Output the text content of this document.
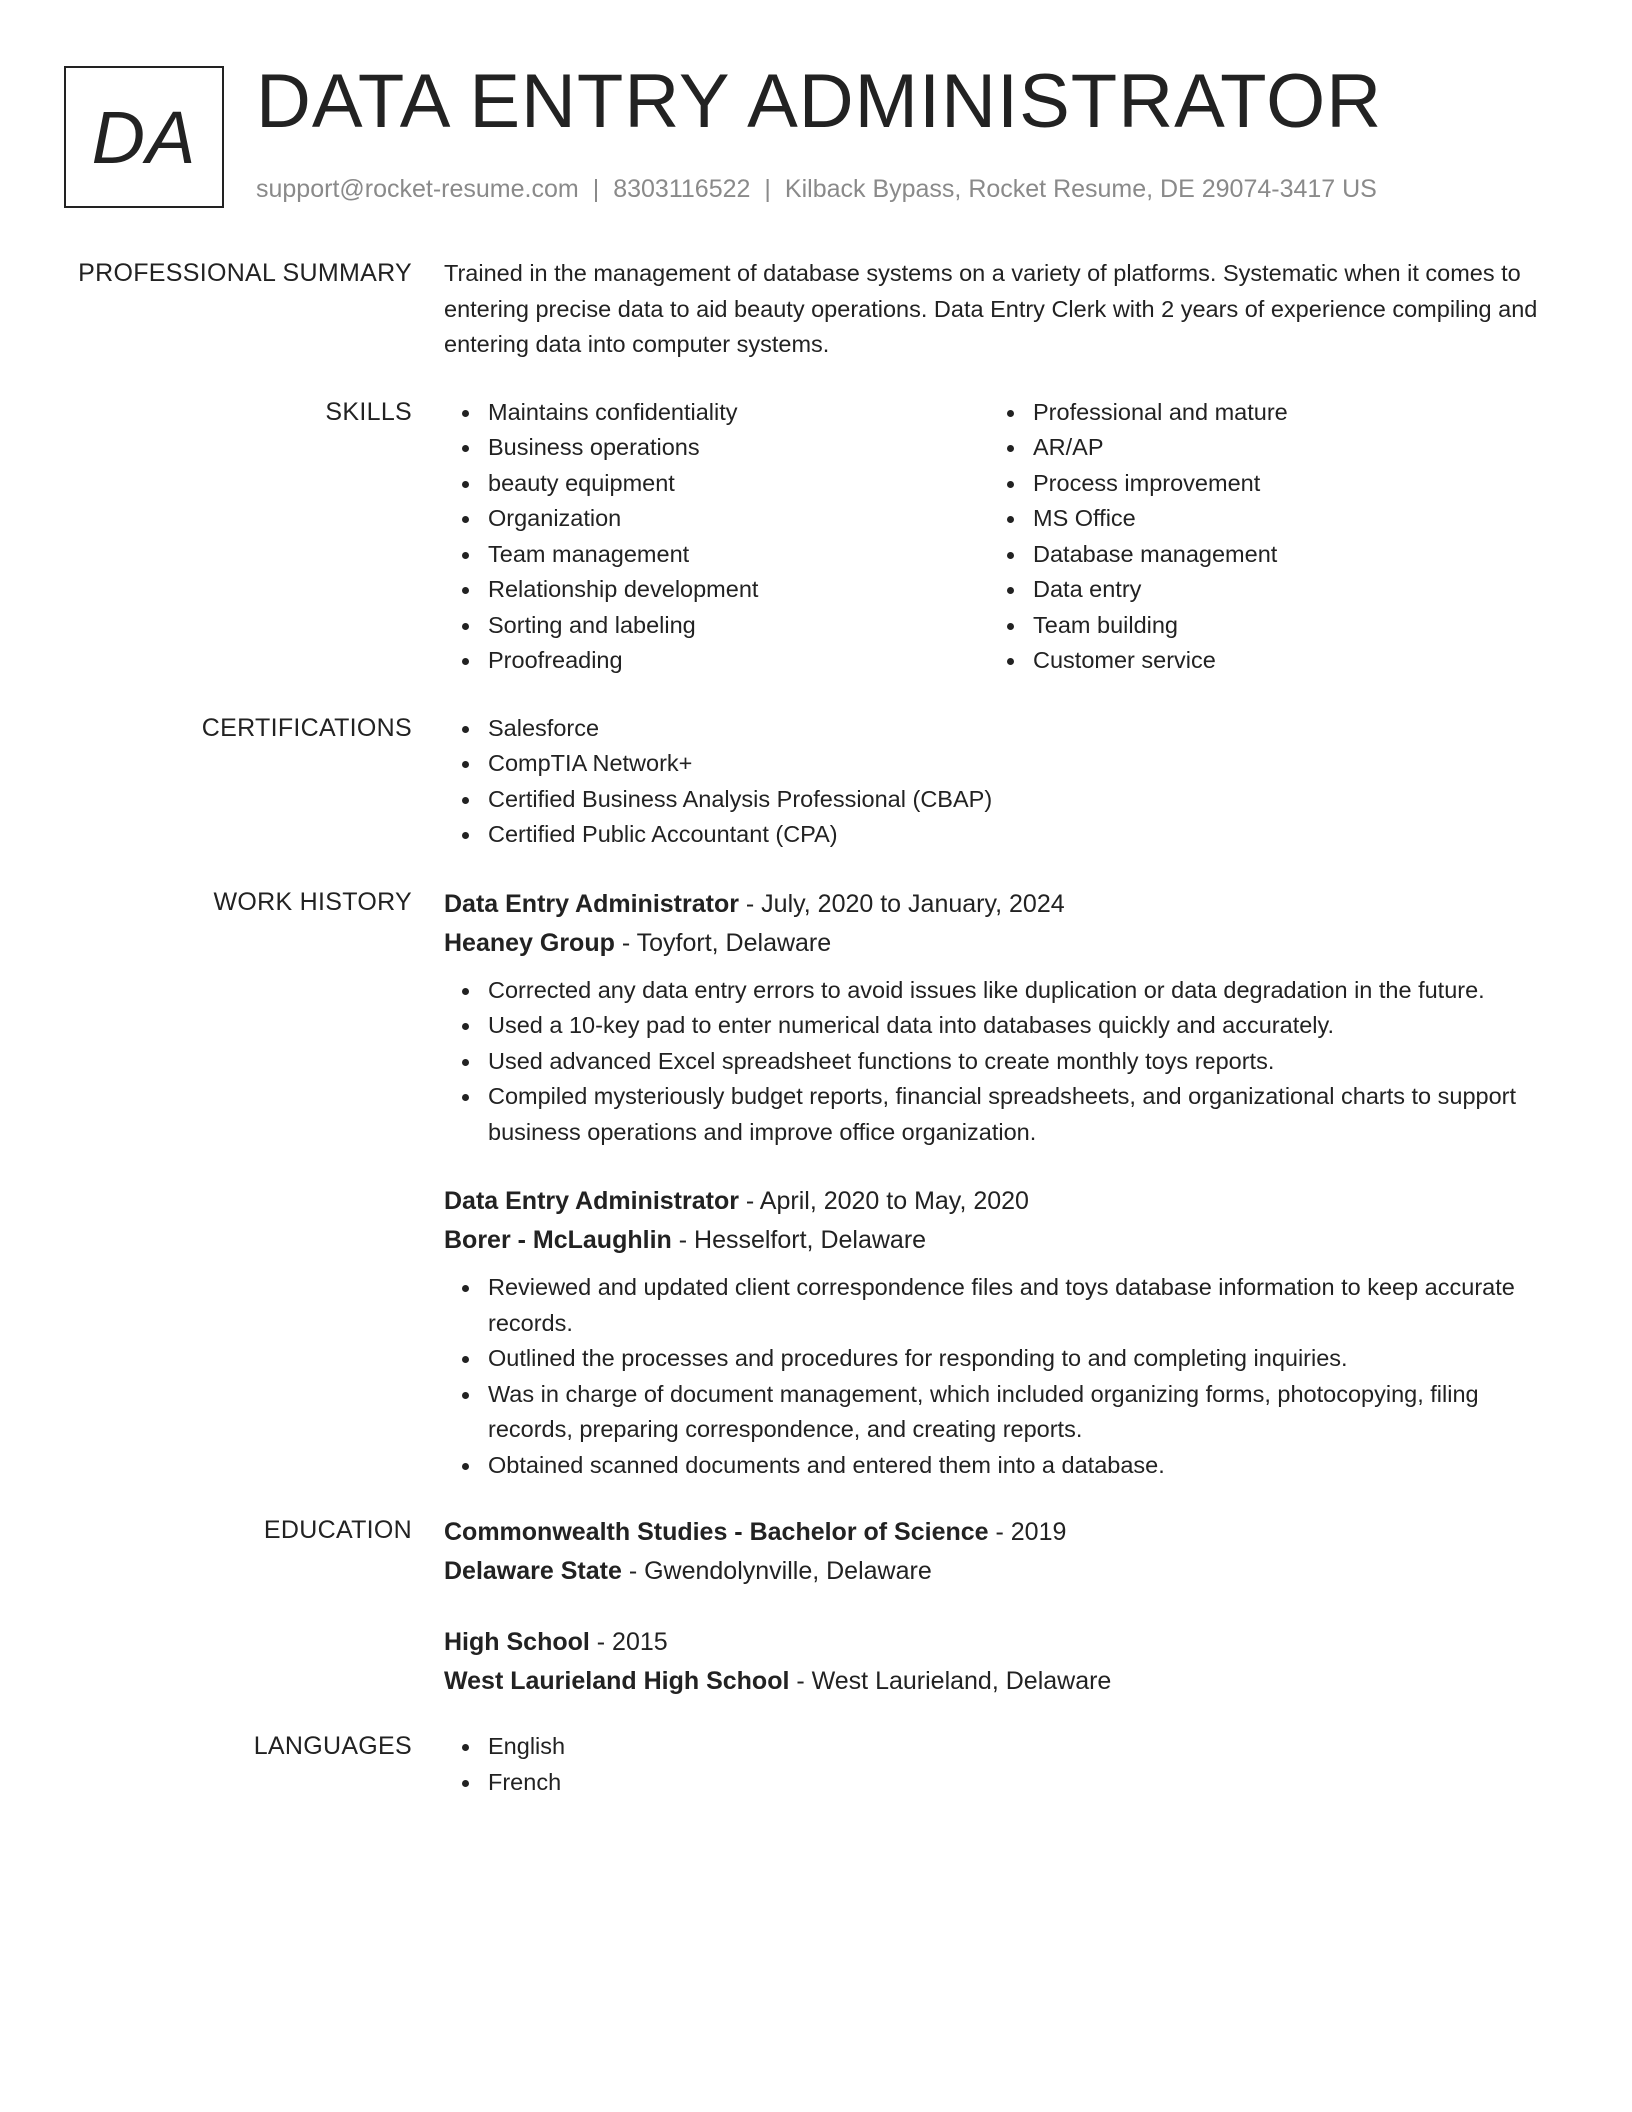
DA DATA ENTRY ADMINISTRATOR
support@rocket-resume.com | 8303116522 | Kilback Bypass, Rocket Resume, DE 29074-3417 US
PROFESSIONAL SUMMARY Trained in the management of database systems on a variety of platforms. Systematic when it comes to entering precise data to aid beauty operations. Data Entry Clerk with 2 years of experience compiling and entering data into computer systems.
SKILLS	Maintains confidentiality
Business operations
beauty equipment
Organization
Team management
Relationship development
Sorting and labeling
Proofreading
Professional and mature
AR/AP
Process improvement
MS Office
Database management
Data entry
Team building
Customer service
CERTIFICATIONS	Salesforce
CompTIA Network+
Certified Business Analysis Professional (CBAP)
Certified Public Accountant (CPA)
WORK HISTORY Data Entry Administrator - July, 2020 to January, 2024
Heaney Group - Toyfort, Delaware
Corrected any data entry errors to avoid issues like duplication or data degradation in the future.
Used a 10-key pad to enter numerical data into databases quickly and accurately.
Used advanced Excel spreadsheet functions to create monthly toys reports.
Compiled mysteriously budget reports, financial spreadsheets, and organizational charts to support business operations and improve office organization.
Data Entry Administrator - April, 2020 to May, 2020
Borer - McLaughlin - Hesselfort, Delaware
Reviewed and updated client correspondence files and toys database information to keep accurate records.
Outlined the processes and procedures for responding to and completing inquiries.
Was in charge of document management, which included organizing forms, photocopying, filing records, preparing correspondence, and creating reports.
Obtained scanned documents and entered them into a database.
EDUCATION Commonwealth Studies - Bachelor of Science - 2019
Delaware State - Gwendolynville, Delaware
High School - 2015
West Laurieland High School - West Laurieland, Delaware
LANGUAGES	English
French
